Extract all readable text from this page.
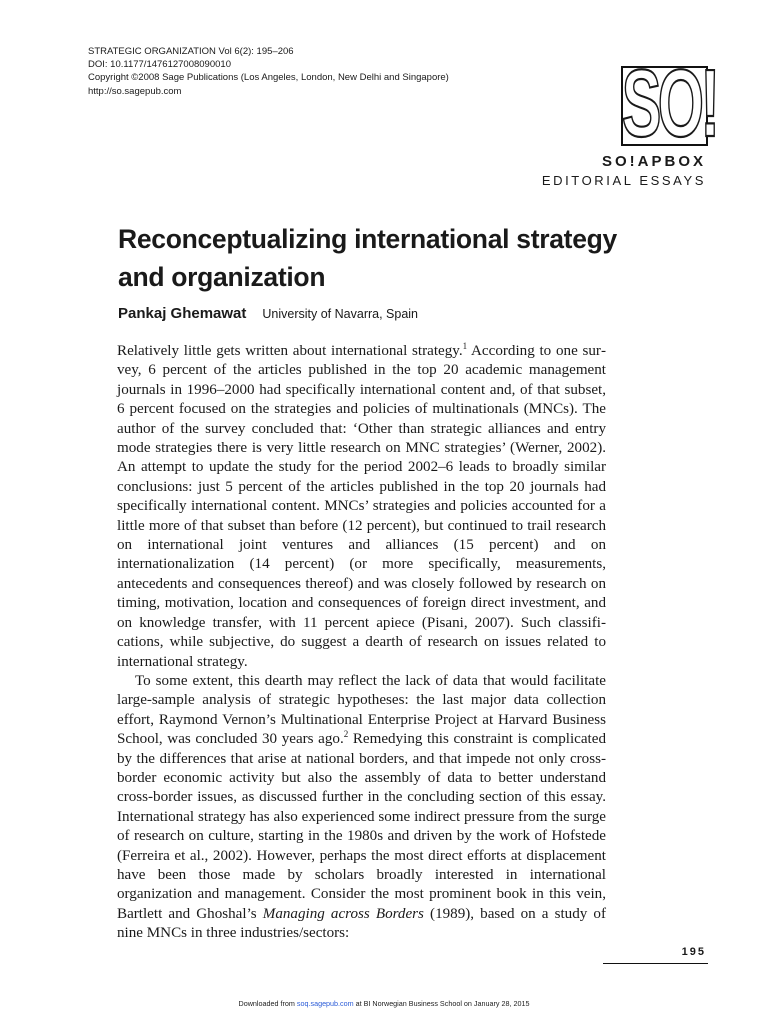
STRATEGIC ORGANIZATION Vol 6(2): 195–206
DOI: 10.1177/1476127008090010
Copyright ©2008 Sage Publications (Los Angeles, London, New Delhi and Singapore)
http://so.sagepub.com	SO!
SO!APBOX
EDITORIAL ESSAYS
Reconceptualizing international strategy and organization
Pankaj Ghemawat University of Navarra, Spain

Relatively little gets written about international strategy.$^1$ According to one survey, 6 percent of the articles published in the top 20 academic management journals in 1996–2000 had specifically international content and, of that subset, 6 percent focused on the strategies and policies of multinationals (MNCs). The author of the survey concluded that: ‘Other than strategic alliances and entry mode strategies there is very little research on MNC strategies’ (Werner, 2002). An attempt to update the study for the period 2002–6 leads to broadly similar conclusions: just 5 percent of the articles published in the top 20 journals had specifically international content. MNCs’ strategies and policies accounted for a little more of that subset than before (12 percent), but continued to trail research on international joint ventures and alliances (15 percent) and on internationalization (14 percent) (or more specifically, measurements, antecedents and consequences thereof) and was closely followed by research on timing, motivation, location and consequences of foreign direct investment, and on knowledge transfer, with 11 percent apiece (Pisani, 2007). Such classifications, while subjective, do suggest a dearth of research on issues related to international strategy.

To some extent, this dearth may reflect the lack of data that would facilitate large-sample analysis of strategic hypotheses: the last major data collection effort, Raymond Vernon’s Multinational Enterprise Project at Harvard Business School, was concluded 30 years ago.$^2$ Remedying this constraint is complicated by the differences that arise at national borders, and that impede not only cross-border economic activity but also the assembly of data to better understand cross-border issues, as discussed further in the concluding section of this essay. International strategy has also experienced some indirect pressure from the surge of research on culture, starting in the 1980s and driven by the work of Hofstede (Ferreira et al., 2002). However, perhaps the most direct efforts at displacement have been those made by scholars broadly interested in international organization and management. Consider the most prominent book in this vein, Bartlett and Ghoshal’s Managing across Borders (1989), based on a study of nine MNCs in three industries/sectors:

195
Downloaded from soq.sagepub.com at BI Norwegian Business School on January 28, 2015
